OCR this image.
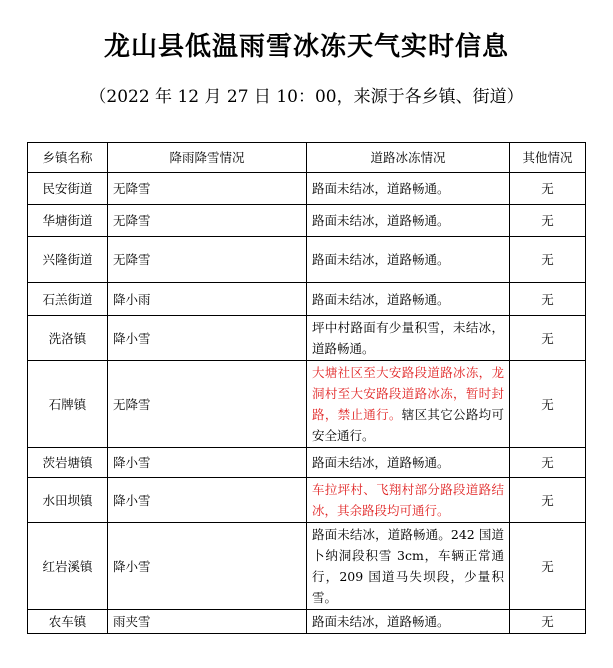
龙山县低温雨雪冰冻天气实时信息
（2022 年 12 月 27 日 10：00，来源于各乡镇、街道）
乡镇名称	降雨降雪情况	道路冰冻情况	其他情况
民安街道	无降雪	路面未结冰，道路畅通。	无
华塘街道	无降雪	路面未结冰，道路畅通。	无
兴隆街道	无降雪	路面未结冰，道路畅通。	无
石羔街道	降小雨	路面未结冰，道路畅通。	无
洗洛镇	降小雪	坪中村路面有少量积雪，未结冰，道路畅通。	无
石牌镇	无降雪	大塘社区至大安路段道路冰冻，龙洞村至大安路段道路冰冻，暂时封路，禁止通行。辖区其它公路均可安全通行。	无
茨岩塘镇	降小雪	路面未结冰，道路畅通。	无
水田坝镇	降小雪	车拉坪村、飞翔村部分路段道路结冰，其余路段均可通行。	无
红岩溪镇	降小雪	路面未结冰，道路畅通。242 国道卜纳洞段积雪 3cm，车辆正常通行，209 国道马失坝段，少量积雪。	无
农车镇	雨夹雪	路面未结冰，道路畅通。	无
